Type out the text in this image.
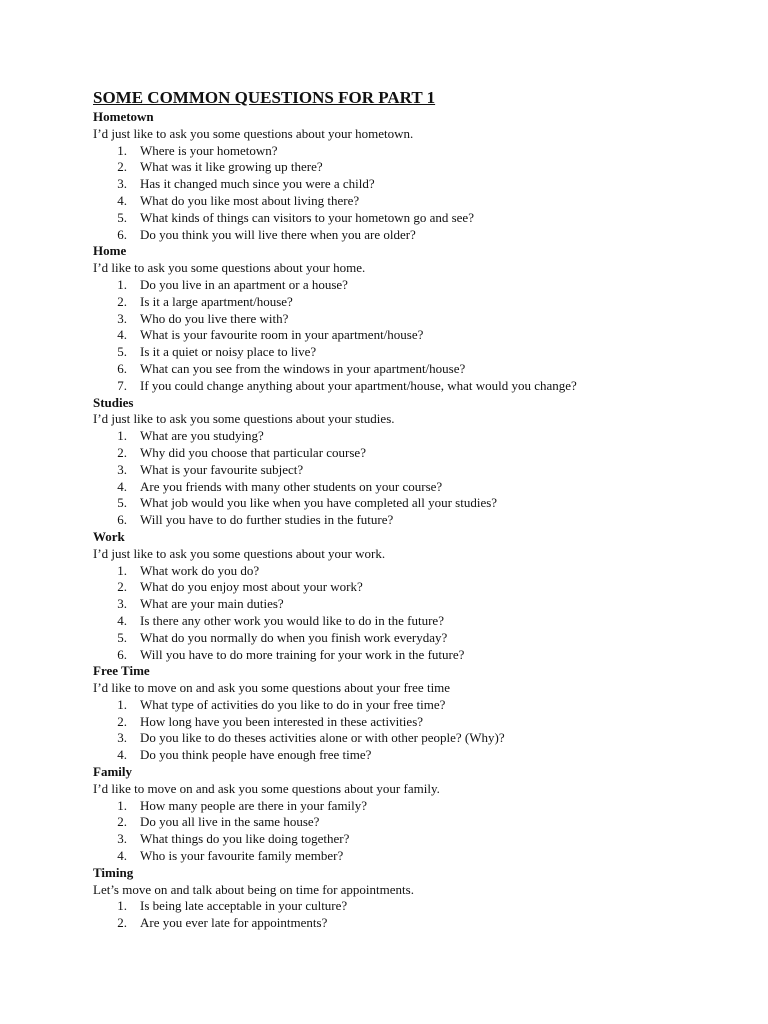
SOME COMMON QUESTIONS FOR PART 1
Hometown
I’d just like to ask you some questions about your hometown.
1. Where is your hometown?
2. What was it like growing up there?
3. Has it changed much since you were a child?
4. What do you like most about living there?
5. What kinds of things can visitors to your hometown go and see?
6. Do you think you will live there when you are older?
Home
I’d like to ask you some questions about your home.
1. Do you live in an apartment or a house?
2. Is it a large apartment/house?
3. Who do you live there with?
4. What is your favourite room in your apartment/house?
5. Is it a quiet or noisy place to live?
6. What can you see from the windows in your apartment/house?
7. If you could change anything about your apartment/house, what would you change?
Studies
I’d just like to ask you some questions about your studies.
1. What are you studying?
2. Why did you choose that particular course?
3. What is your favourite subject?
4. Are you friends with many other students on your course?
5. What job would you like when you have completed all your studies?
6. Will you have to do further studies in the future?
Work
I’d just like to ask you some questions about your work.
1. What work do you do?
2. What do you enjoy most about your work?
3. What are your main duties?
4. Is there any other work you would like to do in the future?
5. What do you normally do when you finish work everyday?
6. Will you have to do more training for your work in the future?
Free Time
I’d like to move on and ask you some questions about your free time
1. What type of activities do you like to do in your free time?
2. How long have you been interested in these activities?
3. Do you like to do theses activities alone or with other people? (Why)?
4. Do you think people have enough free time?
Family
I’d like to move on and ask you some questions about your family.
1. How many people are there in your family?
2. Do you all live in the same house?
3. What things do you like doing together?
4. Who is your favourite family member?
Timing
Let’s move on and talk about being on time for appointments.
1. Is being late acceptable in your culture?
2. Are you ever late for appointments?
